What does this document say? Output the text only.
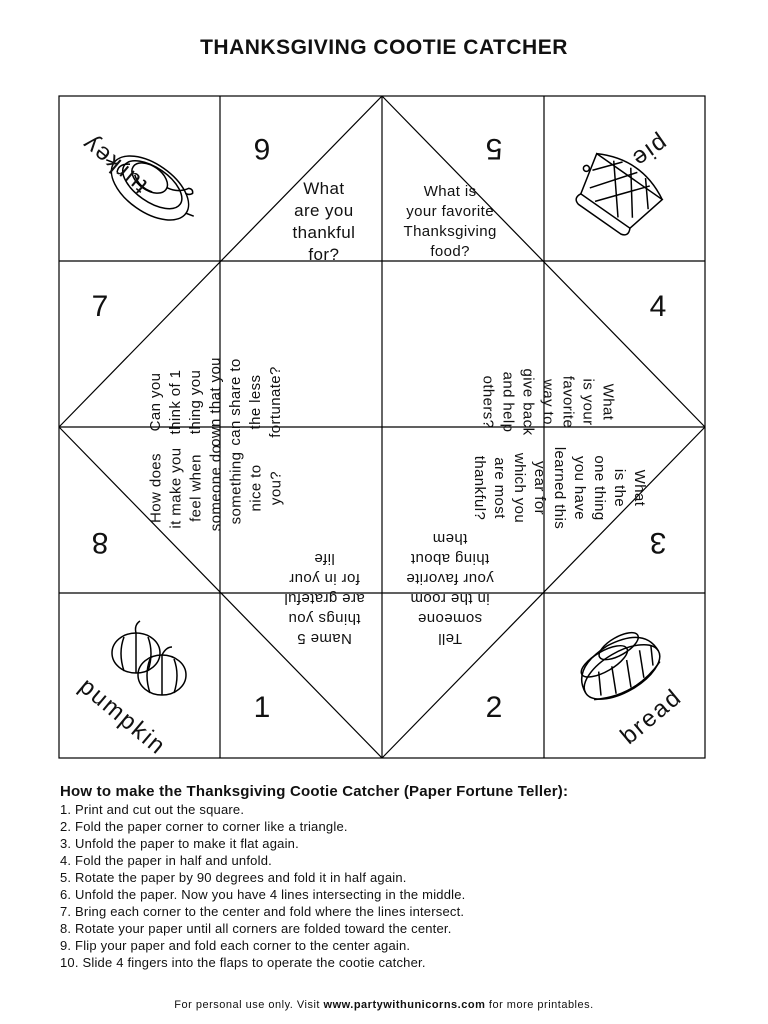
THANKSGIVING COOTIE CATCHER
6	5
7	4
8	3
1	2
turkey	pie
pumpkin	bread
What
are you
thankful
for?
What is
your favorite
Thanksgiving
food?
Can you think of 1 thing you own that you can share to the less fortunate?	What
is your
favorite
way to
give back
and help
others?
How does it make you feel when someone do something nice to you?	What
is the
one thing
you have
learned this
year for
which you
are most
thankful?
Name 5
things you
are grateful
for in your
life
Tell
someone
in the room
your favorite
thing about
them
How to make the Thanksgiving Cootie Catcher (Paper Fortune Teller):
1. Print and cut out the square.
2. Fold the paper corner to corner like a triangle.
3. Unfold the paper to make it flat again.
4. Fold the paper in half and unfold.
5. Rotate the paper by 90 degrees and fold it in half again.
6. Unfold the paper. Now you have 4 lines intersecting in the middle.
7. Bring each corner to the center and fold where the lines intersect.
8. Rotate your paper until all corners are folded toward the center.
9. Flip your paper and fold each corner to the center again.
10. Slide 4 fingers into the flaps to operate the cootie catcher.
For personal use only. Visit www.partywithunicorns.com for more printables.
